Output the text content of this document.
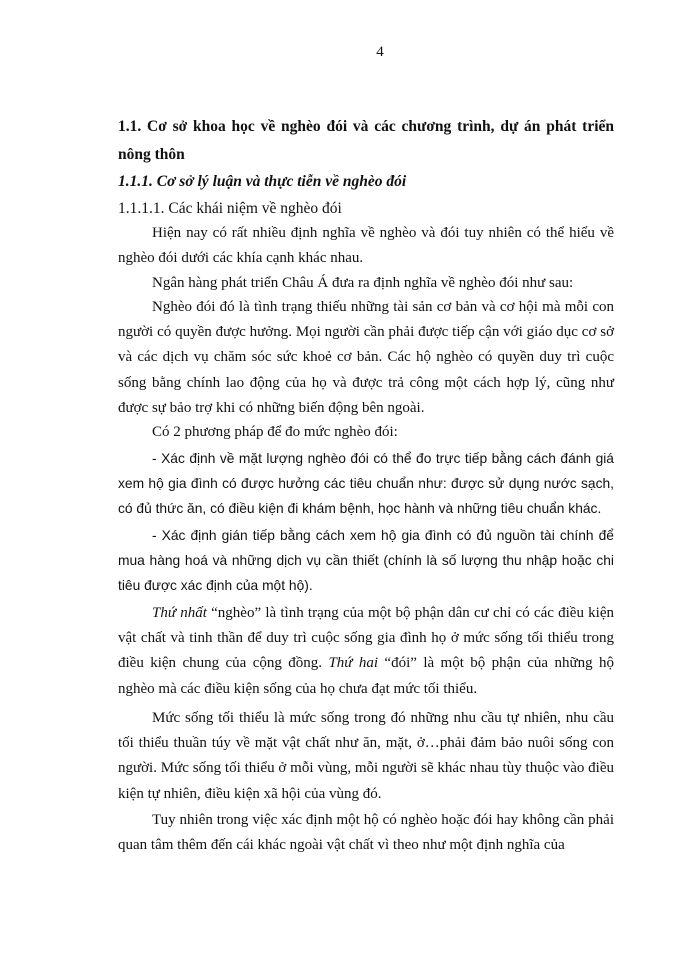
4
1.1. Cơ sở khoa học về nghèo đói và các chương trình, dự án phát triển nông thôn
1.1.1. Cơ sở lý luận và thực tiễn về nghèo đói
1.1.1.1. Các khái niệm về nghèo đói
Hiện nay có rất nhiều định nghĩa về nghèo và đói tuy nhiên có thể hiểu về nghèo đói dưới các khía cạnh khác nhau.
Ngân hàng phát triển Châu Á đưa ra định nghĩa về nghèo đói như sau:
Nghèo đói đó là tình trạng thiếu những tài sản cơ bản và cơ hội mà mỗi con người có quyền được hưởng. Mọi người cần phải được tiếp cận với giáo dục cơ sở và các dịch vụ chăm sóc sức khoẻ cơ bản. Các hộ nghèo có quyền duy trì cuộc sống bằng chính lao động của họ và được trả công một cách hợp lý, cũng như được sự bảo trợ khi có những biến động bên ngoài.
Có 2 phương pháp để đo mức nghèo đói:
- Xác định về mặt lượng nghèo đói có thể đo trực tiếp bằng cách đánh giá xem hộ gia đình có được hưởng các tiêu chuẩn như: được sử dụng nước sạch, có đủ thức ăn, có điều kiện đi khám bệnh, học hành và những tiêu chuẩn khác.
- Xác định gián tiếp bằng cách xem hộ gia đình có đủ nguồn tài chính để mua hàng hoá và những dịch vụ cần thiết (chính là số lượng thu nhập hoặc chi tiêu được xác định của một hộ).
Thứ nhất “nghèo” là tình trạng của một bộ phận dân cư chỉ có các điều kiện vật chất và tinh thần để duy trì cuộc sống gia đình họ ở mức sống tối thiểu trong điều kiện chung của cộng đồng. Thứ hai “đói” là một bộ phận của những hộ nghèo mà các điều kiện sống của họ chưa đạt mức tối thiểu.
Mức sống tối thiểu là mức sống trong đó những nhu cầu tự nhiên, nhu cầu tối thiểu thuần túy về mặt vật chất như ăn, mặt, ở…phải đảm bảo nuôi sống con người. Mức sống tối thiểu ở mỗi vùng, mỗi người sẽ khác nhau tùy thuộc vào điều kiện tự nhiên, điều kiện xã hội của vùng đó.
Tuy nhiên trong việc xác định một hộ có nghèo hoặc đói hay không cần phải quan tâm thêm đến cái khác ngoài vật chất vì theo như một định nghĩa của
